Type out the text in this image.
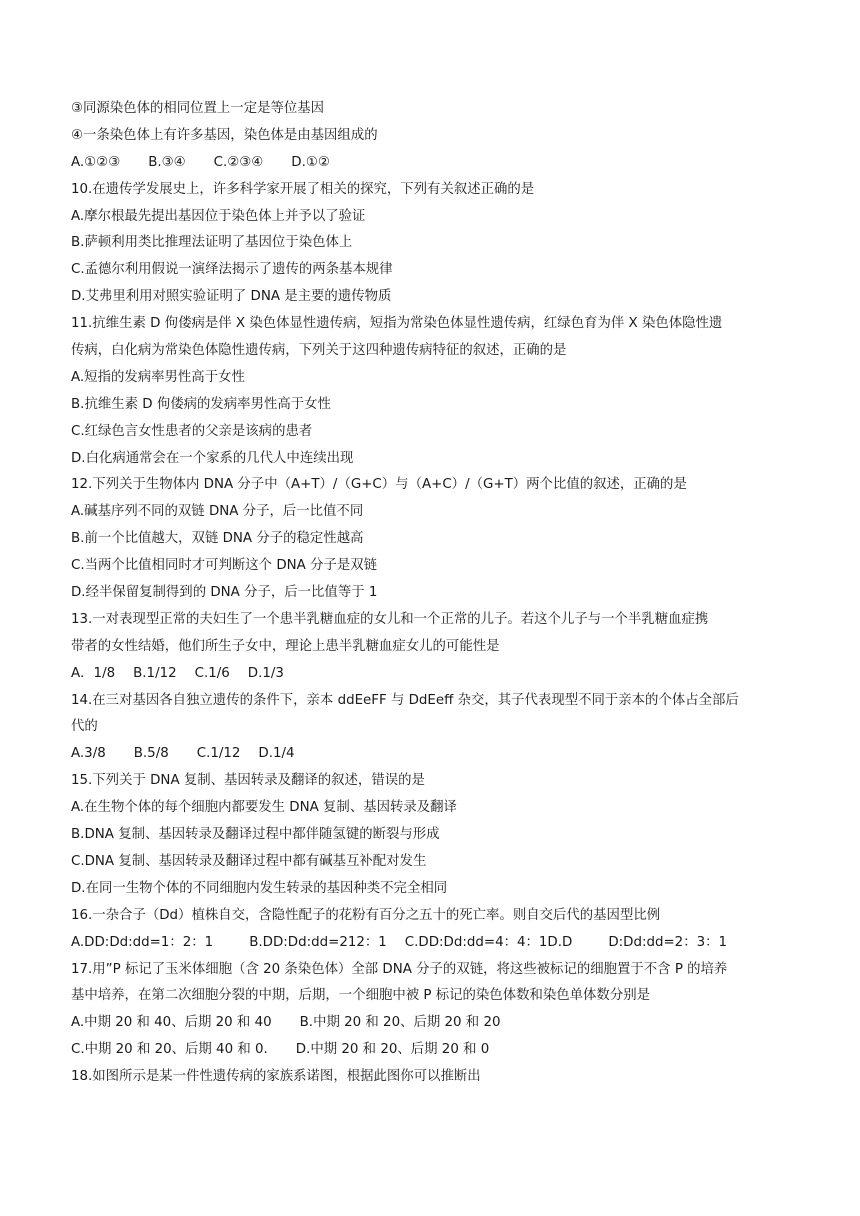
③同源染色体的相同位置上一定是等位基因
④一条染色体上有许多基因，染色体是由基因组成的
A.①②③ B.③④ C.②③④ D.①②
10.在遗传学发展史上，许多科学家开展了相关的探究，下列有关叙述正确的是
A.摩尔根最先提出基因位于染色体上并予以了验证
B.萨顿利用类比推理法证明了基因位于染色体上
C.孟德尔利用假说一演绎法揭示了遗传的两条基本规律
D.艾弗里利用对照实验证明了 DNA 是主要的遗传物质
11.抗维生素 D 佝偻病是伴 X 染色体显性遗传病，短指为常染色体显性遗传病，红绿色育为伴 X 染色体隐性遗
传病，白化病为常染色体隐性遗传病，下列关于这四种遗传病特征的叙述，正确的是
A.短指的发病率男性高于女性
B.抗维生素 D 佝偻病的发病率男性高于女性
C.红绿色言女性患者的父亲是该病的患者
D.白化病通常会在一个家系的几代人中连续出现
12.下列关于生物体内 DNA 分子中（A+T）/（G+C）与（A+C）/（G+T）两个比值的叙述，正确的是
A.碱基序列不同的双链 DNA 分子，后一比值不同
B.前一个比值越大，双链 DNA 分子的稳定性越高
C.当两个比值相同时才可判断这个 DNA 分子是双链
D.经半保留复制得到的 DNA 分子，后一比值等于 1
13.一对表现型正常的夫妇生了一个患半乳糖血症的女儿和一个正常的儿子。若这个儿子与一个半乳糖血症携
带者的女性结婚，他们所生子女中，理论上患半乳糖血症女儿的可能性是
A．1/8 B.1/12 C.1/6 D.1/3
14.在三对基因各自独立遗传的条件下，亲本 ddEeFF 与 DdEeff 杂交，其子代表现型不同于亲本的个体占全部后
代的
A.3/8 B.5/8 C.1/12 D.1/4
15.下列关于 DNA 复制、基因转录及翻译的叙述，错误的是
A.在生物个体的每个细胞内都要发生 DNA 复制、基因转录及翻译
B.DNA 复制、基因转录及翻译过程中都伴随氢键的断裂与形成
C.DNA 复制、基因转录及翻译过程中都有碱基互补配对发生
D.在同一生物个体的不同细胞内发生转录的基因种类不完全相同
16.一杂合子（Dd）植株自交，含隐性配子的花粉有百分之五十的死亡率。则自交后代的基因型比例
A.DD:Dd:dd=1：2：1	B.DD:Dd:dd=212：1 C.DD:Dd:dd=4：4：1D.D	D:Dd:dd=2：3：1
17.用”P 标记了玉米体细胞（含 20 条染色体）全部 DNA 分子的双链，将这些被标记的细胞置于不含 P 的培养
基中培养，在第二次细胞分裂的中期，后期，一个细胞中被 P 标记的染色体数和染色单体数分别是
A.中期 20 和 40、后期 20 和 40 B.中期 20 和 20、后期 20 和 20
C.中期 20 和 20、后期 40 和 0. D.中期 20 和 20、后期 20 和 0
18.如图所示是某一件性遗传病的家族系诺图，根据此图你可以推断出
